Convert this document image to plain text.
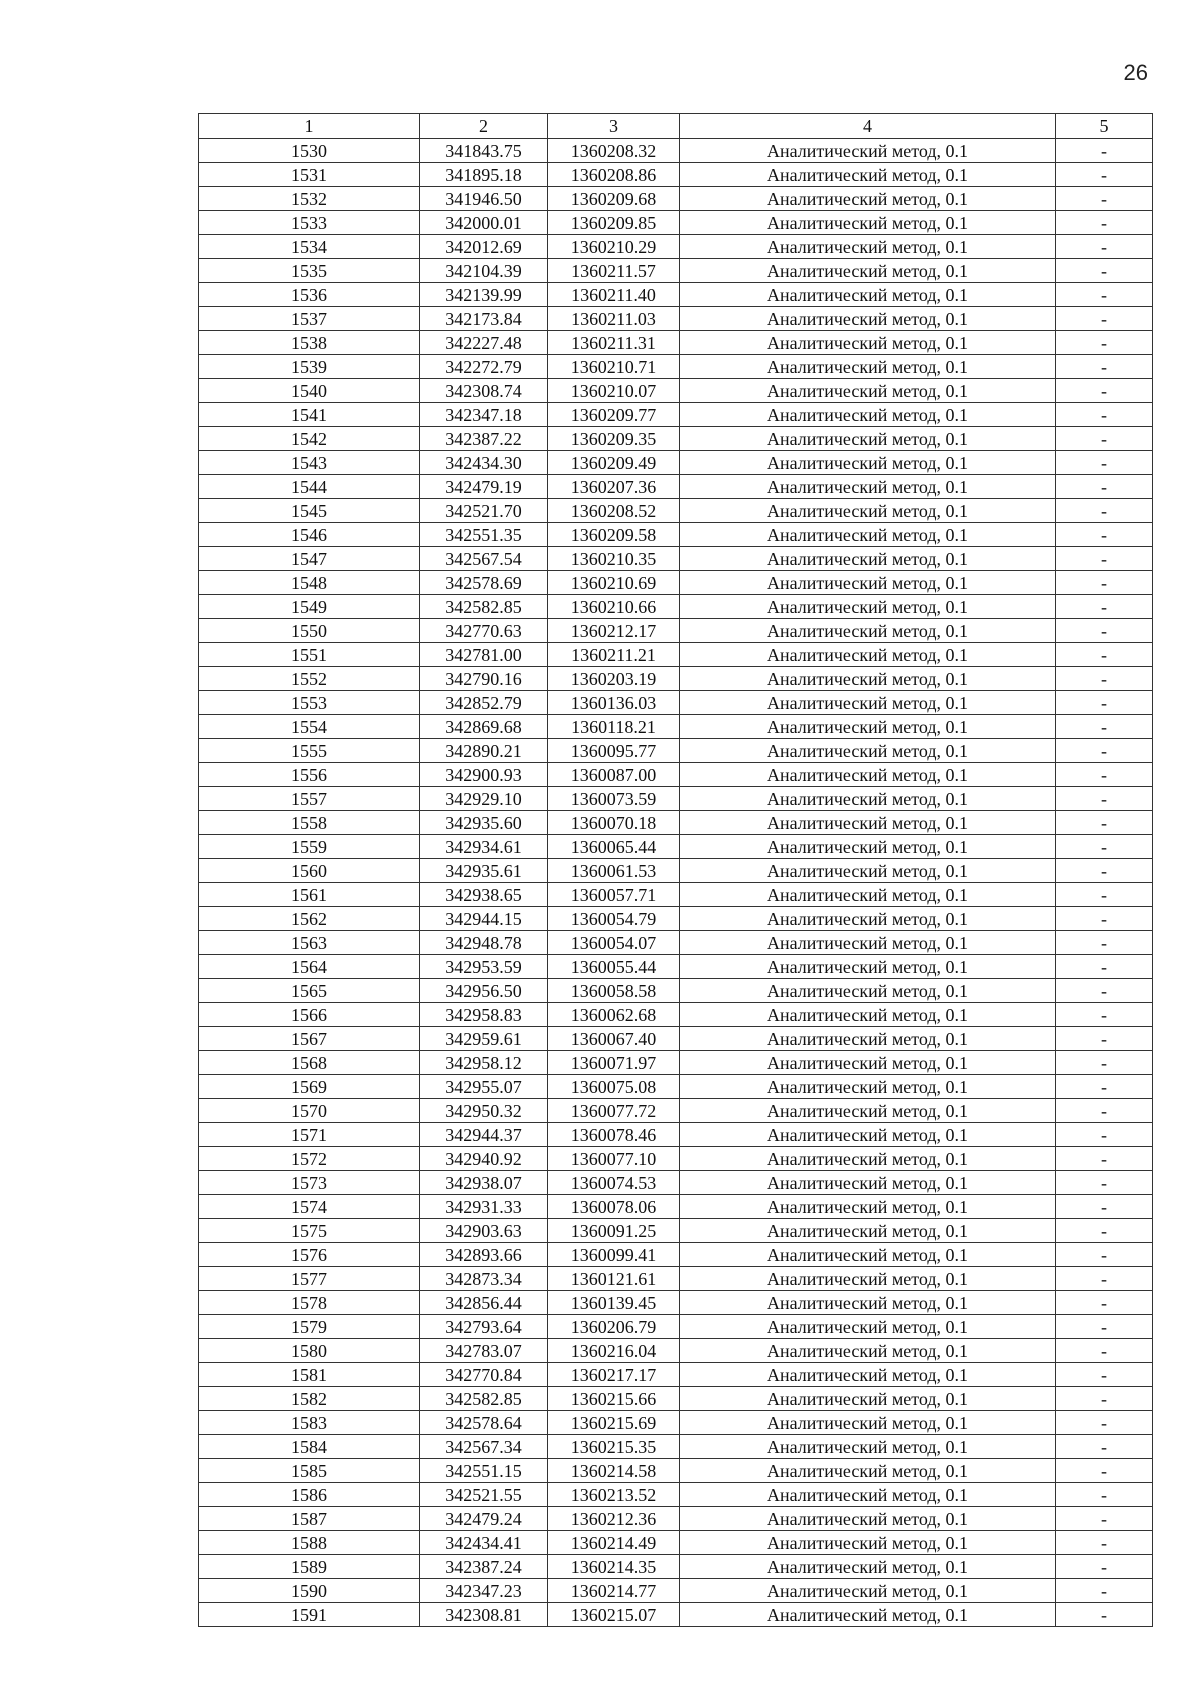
26
1	2	3	4	5
1530	341843.75	1360208.32	Аналитический метод, 0.1	-
1531	341895.18	1360208.86	Аналитический метод, 0.1	-
1532	341946.50	1360209.68	Аналитический метод, 0.1	-
1533	342000.01	1360209.85	Аналитический метод, 0.1	-
1534	342012.69	1360210.29	Аналитический метод, 0.1	-
1535	342104.39	1360211.57	Аналитический метод, 0.1	-
1536	342139.99	1360211.40	Аналитический метод, 0.1	-
1537	342173.84	1360211.03	Аналитический метод, 0.1	-
1538	342227.48	1360211.31	Аналитический метод, 0.1	-
1539	342272.79	1360210.71	Аналитический метод, 0.1	-
1540	342308.74	1360210.07	Аналитический метод, 0.1	-
1541	342347.18	1360209.77	Аналитический метод, 0.1	-
1542	342387.22	1360209.35	Аналитический метод, 0.1	-
1543	342434.30	1360209.49	Аналитический метод, 0.1	-
1544	342479.19	1360207.36	Аналитический метод, 0.1	-
1545	342521.70	1360208.52	Аналитический метод, 0.1	-
1546	342551.35	1360209.58	Аналитический метод, 0.1	-
1547	342567.54	1360210.35	Аналитический метод, 0.1	-
1548	342578.69	1360210.69	Аналитический метод, 0.1	-
1549	342582.85	1360210.66	Аналитический метод, 0.1	-
1550	342770.63	1360212.17	Аналитический метод, 0.1	-
1551	342781.00	1360211.21	Аналитический метод, 0.1	-
1552	342790.16	1360203.19	Аналитический метод, 0.1	-
1553	342852.79	1360136.03	Аналитический метод, 0.1	-
1554	342869.68	1360118.21	Аналитический метод, 0.1	-
1555	342890.21	1360095.77	Аналитический метод, 0.1	-
1556	342900.93	1360087.00	Аналитический метод, 0.1	-
1557	342929.10	1360073.59	Аналитический метод, 0.1	-
1558	342935.60	1360070.18	Аналитический метод, 0.1	-
1559	342934.61	1360065.44	Аналитический метод, 0.1	-
1560	342935.61	1360061.53	Аналитический метод, 0.1	-
1561	342938.65	1360057.71	Аналитический метод, 0.1	-
1562	342944.15	1360054.79	Аналитический метод, 0.1	-
1563	342948.78	1360054.07	Аналитический метод, 0.1	-
1564	342953.59	1360055.44	Аналитический метод, 0.1	-
1565	342956.50	1360058.58	Аналитический метод, 0.1	-
1566	342958.83	1360062.68	Аналитический метод, 0.1	-
1567	342959.61	1360067.40	Аналитический метод, 0.1	-
1568	342958.12	1360071.97	Аналитический метод, 0.1	-
1569	342955.07	1360075.08	Аналитический метод, 0.1	-
1570	342950.32	1360077.72	Аналитический метод, 0.1	-
1571	342944.37	1360078.46	Аналитический метод, 0.1	-
1572	342940.92	1360077.10	Аналитический метод, 0.1	-
1573	342938.07	1360074.53	Аналитический метод, 0.1	-
1574	342931.33	1360078.06	Аналитический метод, 0.1	-
1575	342903.63	1360091.25	Аналитический метод, 0.1	-
1576	342893.66	1360099.41	Аналитический метод, 0.1	-
1577	342873.34	1360121.61	Аналитический метод, 0.1	-
1578	342856.44	1360139.45	Аналитический метод, 0.1	-
1579	342793.64	1360206.79	Аналитический метод, 0.1	-
1580	342783.07	1360216.04	Аналитический метод, 0.1	-
1581	342770.84	1360217.17	Аналитический метод, 0.1	-
1582	342582.85	1360215.66	Аналитический метод, 0.1	-
1583	342578.64	1360215.69	Аналитический метод, 0.1	-
1584	342567.34	1360215.35	Аналитический метод, 0.1	-
1585	342551.15	1360214.58	Аналитический метод, 0.1	-
1586	342521.55	1360213.52	Аналитический метод, 0.1	-
1587	342479.24	1360212.36	Аналитический метод, 0.1	-
1588	342434.41	1360214.49	Аналитический метод, 0.1	-
1589	342387.24	1360214.35	Аналитический метод, 0.1	-
1590	342347.23	1360214.77	Аналитический метод, 0.1	-
1591	342308.81	1360215.07	Аналитический метод, 0.1	-
